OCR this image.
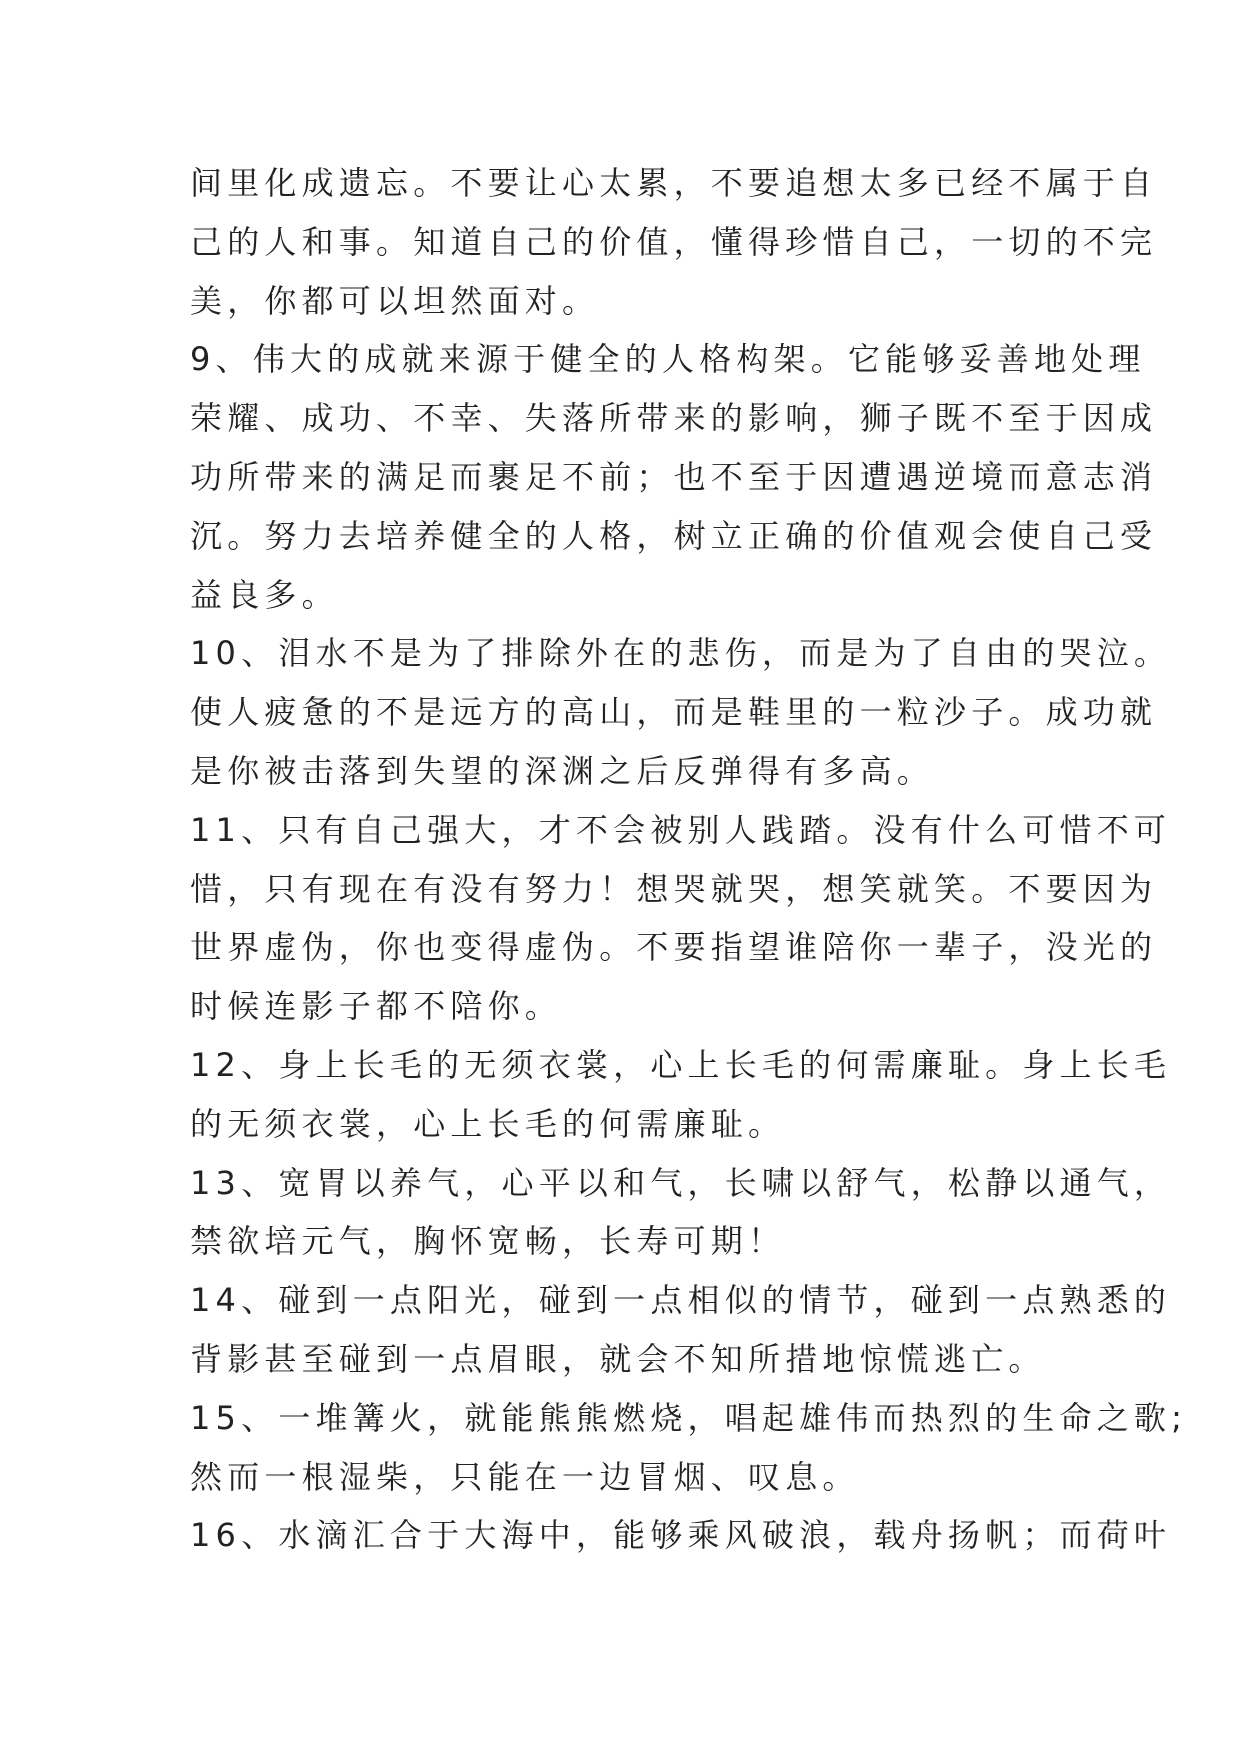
间里化成遗忘。不要让心太累，不要追想太多已经不属于自
己的人和事。知道自己的价值，懂得珍惜自己，一切的不完
美，你都可以坦然面对。
9、伟大的成就来源于健全的人格构架。它能够妥善地处理
荣耀、成功、不幸、失落所带来的影响，狮子既不至于因成
功所带来的满足而裹足不前；也不至于因遭遇逆境而意志消
沉。努力去培养健全的人格，树立正确的价值观会使自己受
益良多。
10、泪水不是为了排除外在的悲伤，而是为了自由的哭泣。
使人疲惫的不是远方的高山，而是鞋里的一粒沙子。成功就
是你被击落到失望的深渊之后反弹得有多高。
11、只有自己强大，才不会被别人践踏。没有什么可惜不可
惜，只有现在有没有努力！想哭就哭，想笑就笑。不要因为
世界虚伪，你也变得虚伪。不要指望谁陪你一辈子，没光的
时候连影子都不陪你。
12、身上长毛的无须衣裳，心上长毛的何需廉耻。身上长毛
的无须衣裳，心上长毛的何需廉耻。
13、宽胃以养气，心平以和气，长啸以舒气，松静以通气，
禁欲培元气，胸怀宽畅，长寿可期！
14、碰到一点阳光，碰到一点相似的情节，碰到一点熟悉的
背影甚至碰到一点眉眼，就会不知所措地惊慌逃亡。
15、一堆篝火，就能熊熊燃烧，唱起雄伟而热烈的生命之歌;
然而一根湿柴，只能在一边冒烟、叹息。
16、水滴汇合于大海中，能够乘风破浪，载舟扬帆；而荷叶
